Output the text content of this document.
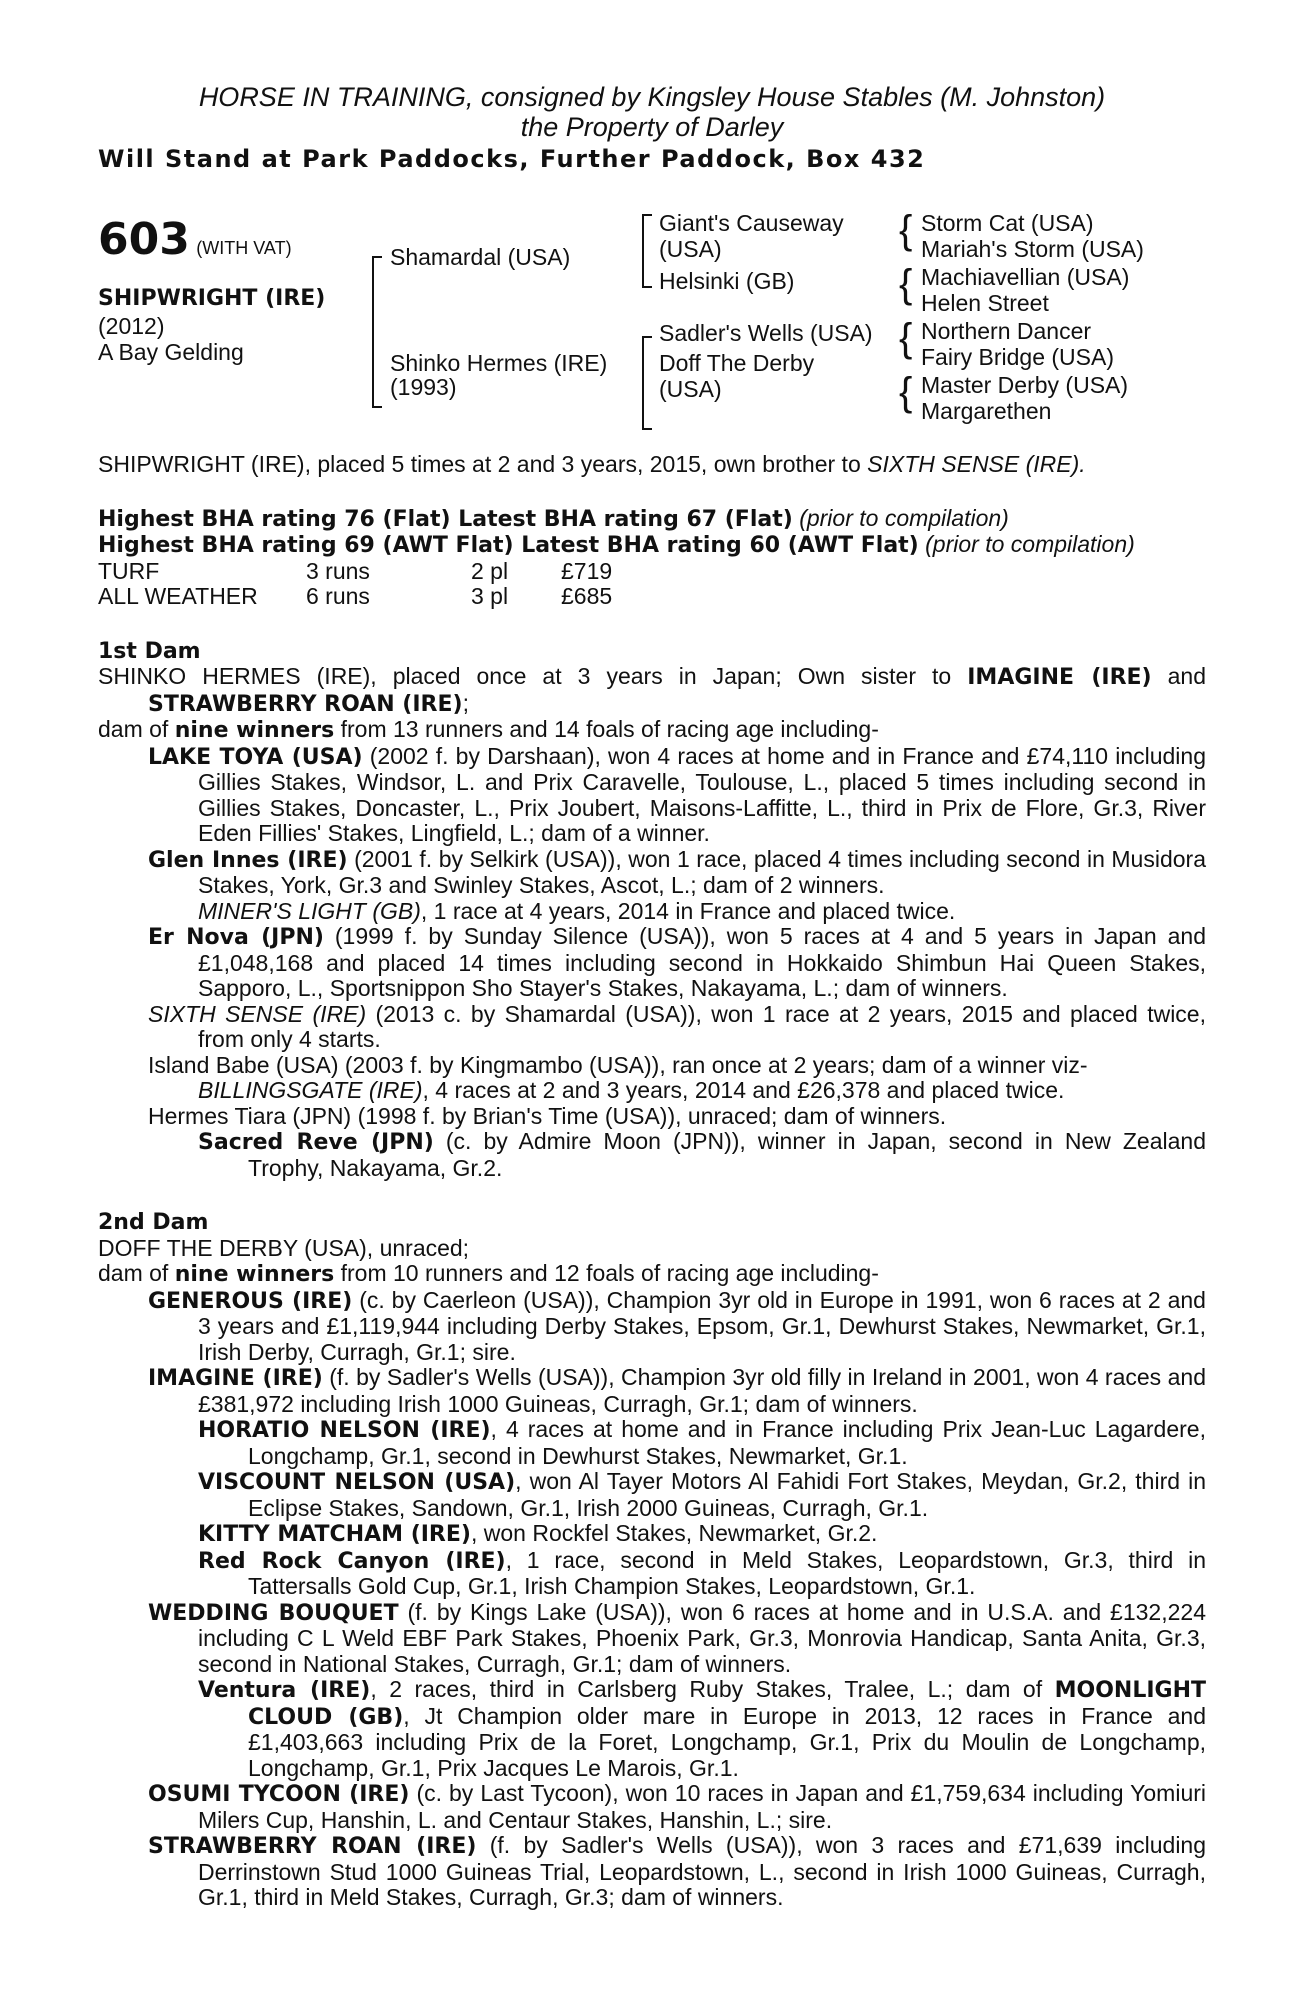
HORSE IN TRAINING, consigned by Kingsley House Stables (M. Johnston)
the Property of Darley
Will Stand at Park Paddocks, Further Paddock, Box 432
603 (WITH VAT)
SHIPWRIGHT (IRE)
(2012)
A Bay Gelding
Shamardal (USA)
Shinko Hermes (IRE)
(1993)
Giant's Causeway
(USA)
Helsinki (GB)
Sadler's Wells (USA)
Doff The Derby
(USA)
{ Storm Cat (USA)
Mariah's Storm (USA)
{ Machiavellian (USA)
Helen Street
{ Northern Dancer
Fairy Bridge (USA)
{ Master Derby (USA)
Margarethen

SHIPWRIGHT (IRE), placed 5 times at 2 and 3 years, 2015, own brother to SIXTH SENSE (IRE).

Highest BHA rating 76 (Flat) Latest BHA rating 67 (Flat) (prior to compilation)

Highest BHA rating 69 (AWT Flat) Latest BHA rating 60 (AWT Flat) (prior to compilation)

TURF	3 runs	2 pl	£719
ALL WEATHER	6 runs	3 pl	£685
1st Dam

SHINKO HERMES (IRE), placed once at 3 years in Japan; Own sister to IMAGINE (IRE) and STRAWBERRY ROAN (IRE);

dam of nine winners from 13 runners and 14 foals of racing age including-

LAKE TOYA (USA) (2002 f. by Darshaan), won 4 races at home and in France and £74,110 including Gillies Stakes, Windsor, L. and Prix Caravelle, Toulouse, L., placed 5 times including second in Gillies Stakes, Doncaster, L., Prix Joubert, Maisons-Laffitte, L., third in Prix de Flore, Gr.3, River Eden Fillies' Stakes, Lingfield, L.; dam of a winner.

Glen Innes (IRE) (2001 f. by Selkirk (USA)), won 1 race, placed 4 times including second in Musidora Stakes, York, Gr.3 and Swinley Stakes, Ascot, L.; dam of 2 winners.

MINER'S LIGHT (GB), 1 race at 4 years, 2014 in France and placed twice.

Er Nova (JPN) (1999 f. by Sunday Silence (USA)), won 5 races at 4 and 5 years in Japan and £1,048,168 and placed 14 times including second in Hokkaido Shimbun Hai Queen Stakes, Sapporo, L., Sportsnippon Sho Stayer's Stakes, Nakayama, L.; dam of winners.

SIXTH SENSE (IRE) (2013 c. by Shamardal (USA)), won 1 race at 2 years, 2015 and placed twice, from only 4 starts.

Island Babe (USA) (2003 f. by Kingmambo (USA)), ran once at 2 years; dam of a winner viz-

BILLINGSGATE (IRE), 4 races at 2 and 3 years, 2014 and £26,378 and placed twice.

Hermes Tiara (JPN) (1998 f. by Brian's Time (USA)), unraced; dam of winners.

Sacred Reve (JPN) (c. by Admire Moon (JPN)), winner in Japan, second in New Zealand Trophy, Nakayama, Gr.2.

2nd Dam

DOFF THE DERBY (USA), unraced;

dam of nine winners from 10 runners and 12 foals of racing age including-

GENEROUS (IRE) (c. by Caerleon (USA)), Champion 3yr old in Europe in 1991, won 6 races at 2 and 3 years and £1,119,944 including Derby Stakes, Epsom, Gr.1, Dewhurst Stakes, Newmarket, Gr.1, Irish Derby, Curragh, Gr.1; sire.

IMAGINE (IRE) (f. by Sadler's Wells (USA)), Champion 3yr old filly in Ireland in 2001, won 4 races and £381,972 including Irish 1000 Guineas, Curragh, Gr.1; dam of winners.

HORATIO NELSON (IRE), 4 races at home and in France including Prix Jean-Luc Lagardere, Longchamp, Gr.1, second in Dewhurst Stakes, Newmarket, Gr.1.

VISCOUNT NELSON (USA), won Al Tayer Motors Al Fahidi Fort Stakes, Meydan, Gr.2, third in Eclipse Stakes, Sandown, Gr.1, Irish 2000 Guineas, Curragh, Gr.1.

KITTY MATCHAM (IRE), won Rockfel Stakes, Newmarket, Gr.2.

Red Rock Canyon (IRE), 1 race, second in Meld Stakes, Leopardstown, Gr.3, third in Tattersalls Gold Cup, Gr.1, Irish Champion Stakes, Leopardstown, Gr.1.

WEDDING BOUQUET (f. by Kings Lake (USA)), won 6 races at home and in U.S.A. and £132,224 including C L Weld EBF Park Stakes, Phoenix Park, Gr.3, Monrovia Handicap, Santa Anita, Gr.3, second in National Stakes, Curragh, Gr.1; dam of winners.

Ventura (IRE), 2 races, third in Carlsberg Ruby Stakes, Tralee, L.; dam of MOONLIGHT CLOUD (GB), Jt Champion older mare in Europe in 2013, 12 races in France and £1,403,663 including Prix de la Foret, Longchamp, Gr.1, Prix du Moulin de Longchamp, Longchamp, Gr.1, Prix Jacques Le Marois, Gr.1.

OSUMI TYCOON (IRE) (c. by Last Tycoon), won 10 races in Japan and £1,759,634 including Yomiuri Milers Cup, Hanshin, L. and Centaur Stakes, Hanshin, L.; sire.

STRAWBERRY ROAN (IRE) (f. by Sadler's Wells (USA)), won 3 races and £71,639 including Derrinstown Stud 1000 Guineas Trial, Leopardstown, L., second in Irish 1000 Guineas, Curragh, Gr.1, third in Meld Stakes, Curragh, Gr.3; dam of winners.
